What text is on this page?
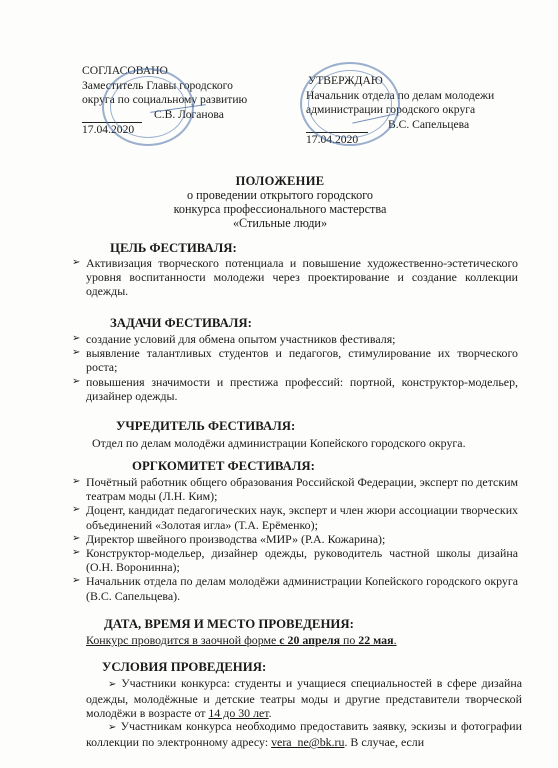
СОГЛАСОВАНО
Заместитель Главы городского
округа по социальному развитию
С.В. Логанова
17.04.2020
УТВЕРЖДАЮ
Начальник отдела по делам молодежи
администрации городского округа
В.С. Сапельцева
17.04.2020
ПОЛОЖЕНИЕ
о проведении открытого городского
конкурса профессионального мастерства
«Стильные люди»
ЦЕЛЬ ФЕСТИВАЛЯ:
➢ Активизация творческого потенциала и повышение художественно-эстетического уровня воспитанности молодежи через проектирование и создание коллекции одежды.
ЗАДАЧИ ФЕСТИВАЛЯ:
➢ создание условий для обмена опытом участников фестиваля;
➢ выявление талантливых студентов и педагогов, стимулирование их творческого роста;
➢ повышения значимости и престижа профессий: портной, конструктор-модельер, дизайнер одежды.
УЧРЕДИТЕЛЬ ФЕСТИВАЛЯ:
Отдел по делам молодёжи администрации Копейского городского округа.
ОРГКОМИТЕТ ФЕСТИВАЛЯ:
➢ Почётный работник общего образования Российской Федерации, эксперт по детским театрам моды (Л.Н. Ким);
➢ Доцент, кандидат педагогических наук, эксперт и член жюри ассоциации творческих объединений «Золотая игла» (Т.А. Ерёменко);
➢ Директор швейного производства «МИР» (Р.А. Кожарина);
➢ Конструктор-модельер, дизайнер одежды, руководитель частной школы дизайна (О.Н. Воронинна);
➢ Начальник отдела по делам молодёжи администрации Копейского городского округа (В.С. Сапельцева).
ДАТА, ВРЕМЯ И МЕСТО ПРОВЕДЕНИЯ:
Конкурс проводится в заочной форме с 20 апреля по 22 мая.
УСЛОВИЯ ПРОВЕДЕНИЯ:
➢ Участники конкурса: студенты и учащиеся специальностей в сфере дизайна одежды, молодёжные и детские театры моды и другие представители творческой молодёжи в возрасте от 14 до 30 лет.
➢ Участникам конкурса необходимо предоставить заявку, эскизы и фотографии коллекции по электронному адресу: vera_ne@bk.ru. В случае, если
